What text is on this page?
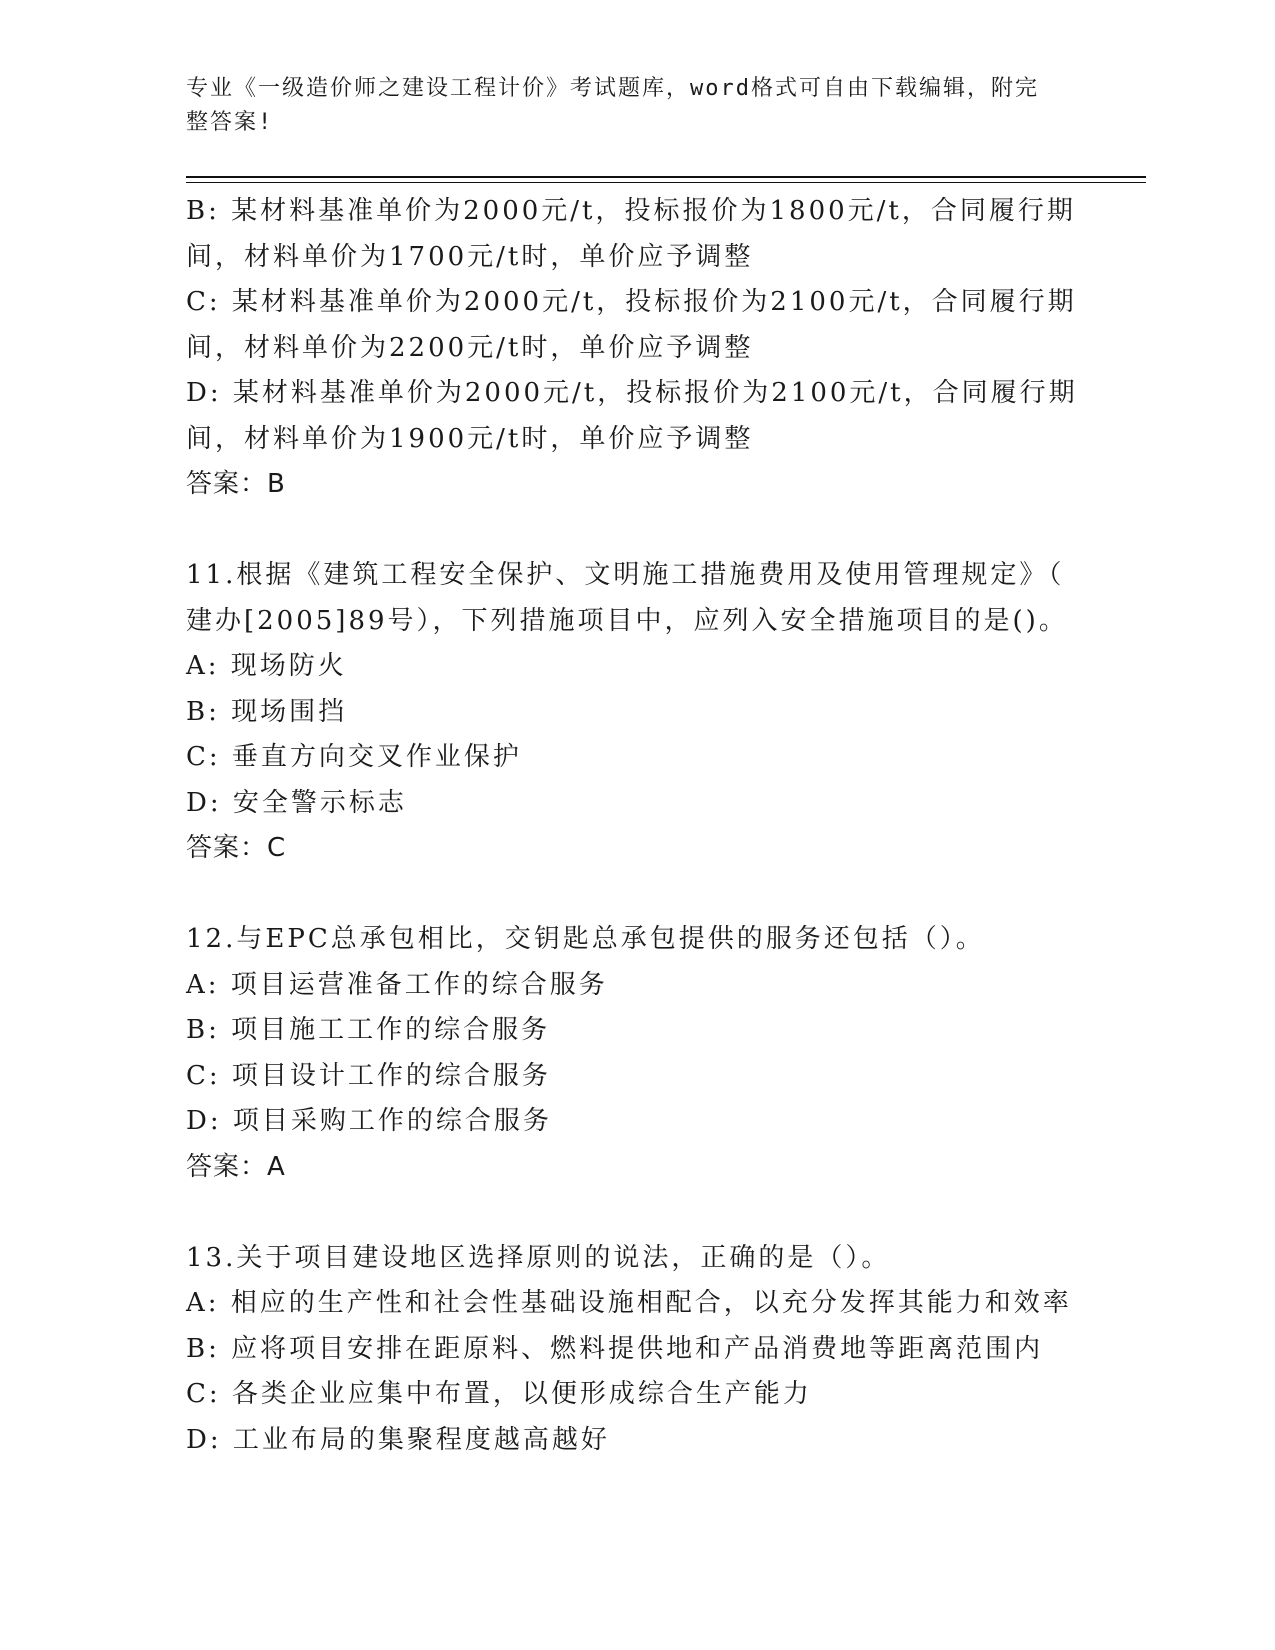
专业《一级造价师之建设工程计价》考试题库，word格式可自由下载编辑，附完
整答案!
B: 某材料基准单价为2000元/t，投标报价为1800元/t，合同履行期
间，材料单价为1700元/t时，单价应予调整
C: 某材料基准单价为2000元/t，投标报价为2100元/t，合同履行期
间，材料单价为2200元/t时，单价应予调整
D: 某材料基准单价为2000元/t，投标报价为2100元/t，合同履行期
间，材料单价为1900元/t时，单价应予调整
答案：B
11.根据《建筑工程安全保护、文明施工措施费用及使用管理规定》（
建办[2005]89号），下列措施项目中，应列入安全措施项目的是()。
A: 现场防火
B: 现场围挡
C: 垂直方向交叉作业保护
D: 安全警示标志
答案：C
12.与EPC总承包相比，交钥匙总承包提供的服务还包括（）。
A: 项目运营准备工作的综合服务
B: 项目施工工作的综合服务
C: 项目设计工作的综合服务
D: 项目采购工作的综合服务
答案：A
13.关于项目建设地区选择原则的说法，正确的是（）。
A: 相应的生产性和社会性基础设施相配合，以充分发挥其能力和效率
B: 应将项目安排在距原料、燃料提供地和产品消费地等距离范围内
C: 各类企业应集中布置，以便形成综合生产能力
D: 工业布局的集聚程度越高越好
